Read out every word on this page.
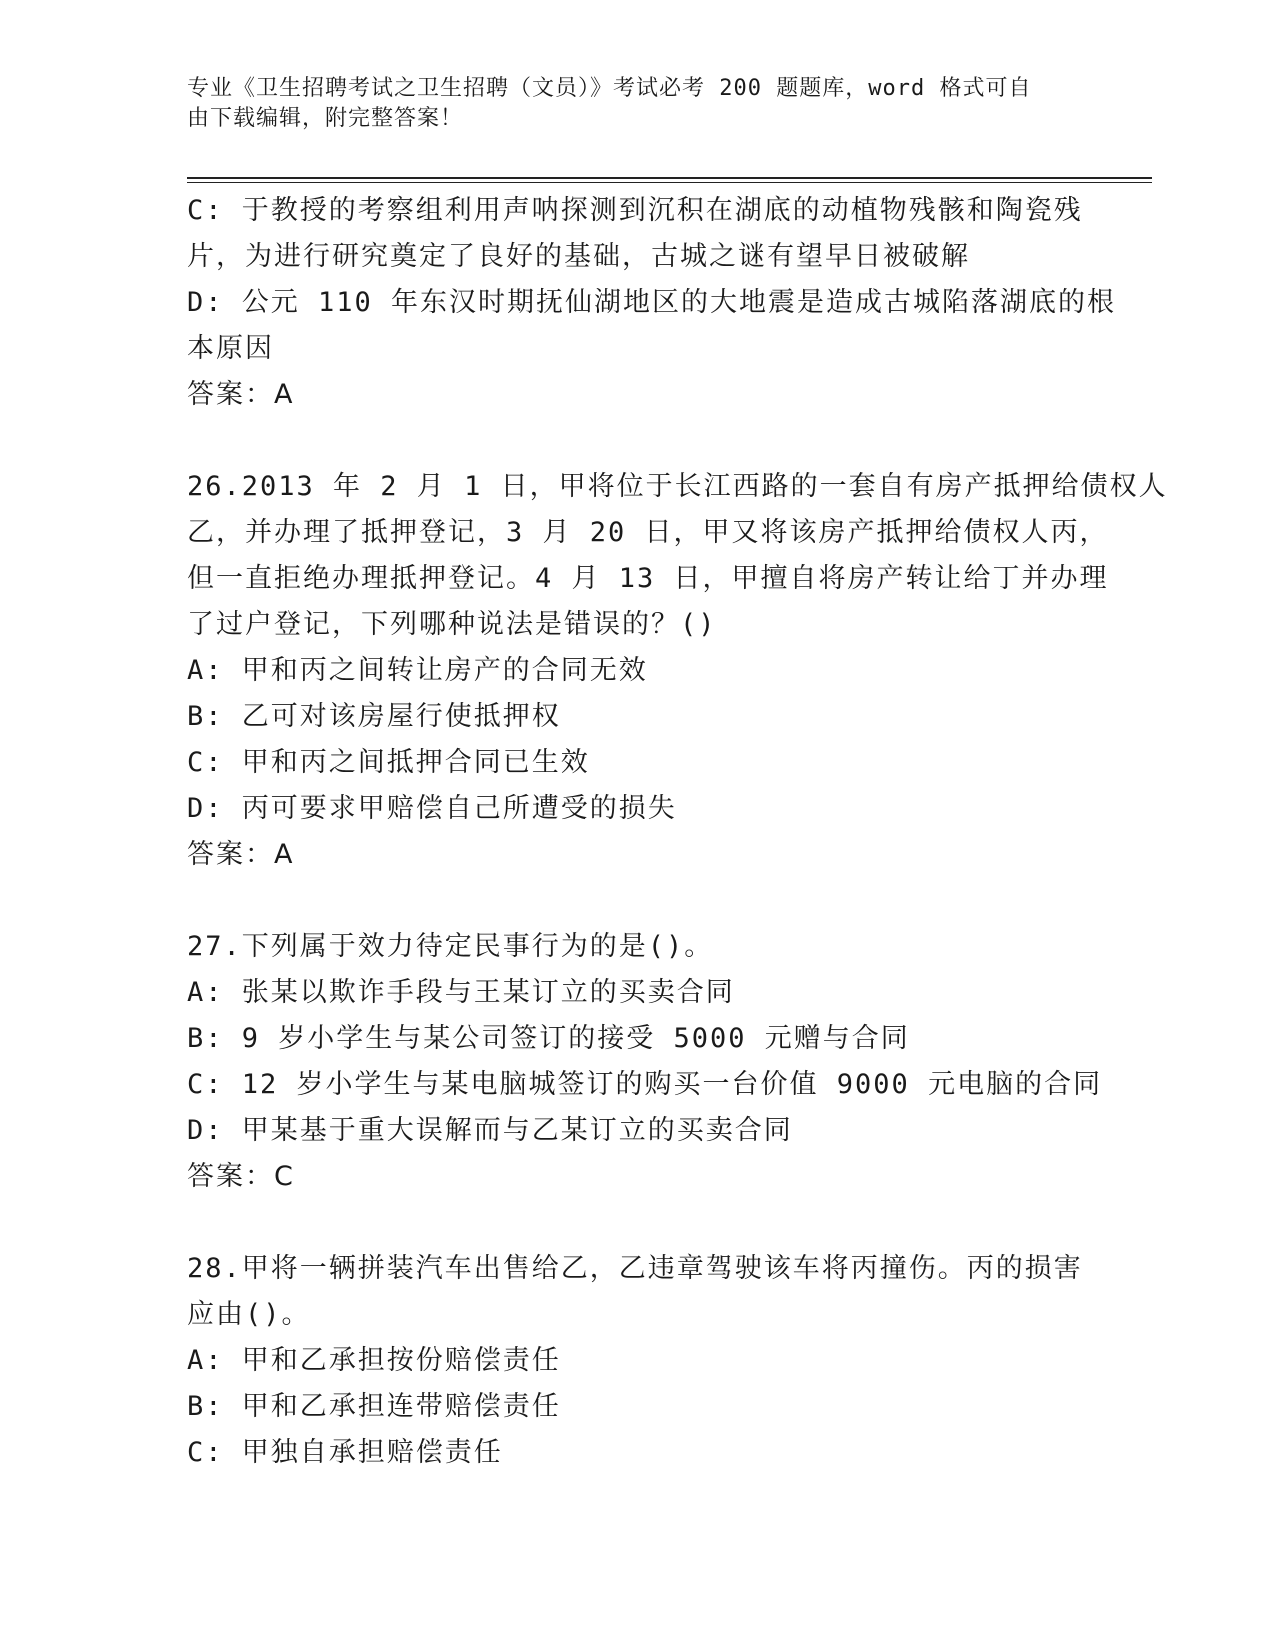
专业《卫生招聘考试之卫生招聘（文员）》考试必考 200 题题库，word 格式可自
由下载编辑，附完整答案！
C: 于教授的考察组利用声呐探测到沉积在湖底的动植物残骸和陶瓷残
片，为进行研究奠定了良好的基础，古城之谜有望早日被破解
D: 公元 110 年东汉时期抚仙湖地区的大地震是造成古城陷落湖底的根
本原因
答案：A
26.2013 年 2 月 1 日，甲将位于长江西路的一套自有房产抵押给债权人
乙，并办理了抵押登记，3 月 20 日，甲又将该房产抵押给债权人丙，
但一直拒绝办理抵押登记。4 月 13 日，甲擅自将房产转让给丁并办理
了过户登记，下列哪种说法是错误的？()
A: 甲和丙之间转让房产的合同无效
B: 乙可对该房屋行使抵押权
C: 甲和丙之间抵押合同已生效
D: 丙可要求甲赔偿自己所遭受的损失
答案：A
27.下列属于效力待定民事行为的是()。
A: 张某以欺诈手段与王某订立的买卖合同
B: 9 岁小学生与某公司签订的接受 5000 元赠与合同
C: 12 岁小学生与某电脑城签订的购买一台价值 9000 元电脑的合同
D: 甲某基于重大误解而与乙某订立的买卖合同
答案：C
28.甲将一辆拼装汽车出售给乙，乙违章驾驶该车将丙撞伤。丙的损害
应由()。
A: 甲和乙承担按份赔偿责任
B: 甲和乙承担连带赔偿责任
C: 甲独自承担赔偿责任
